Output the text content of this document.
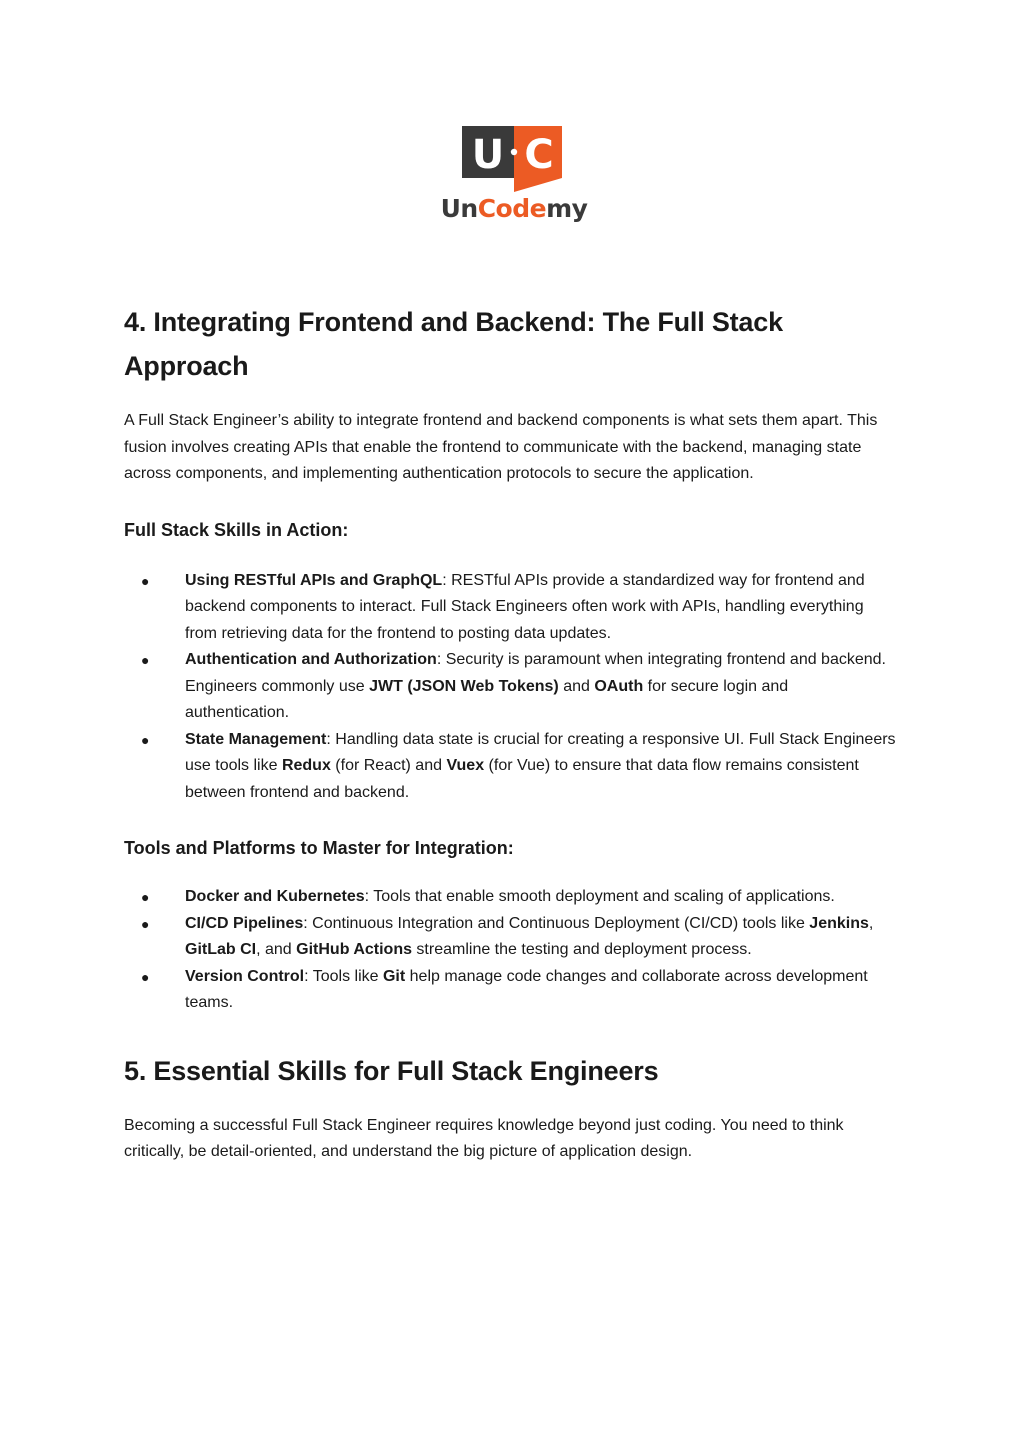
U C
UnCodemy
4. Integrating Frontend and Backend: The Full Stack Approach

A Full Stack Engineer’s ability to integrate frontend and backend components is what sets them apart. This fusion involves creating APIs that enable the frontend to communicate with the backend, managing state across components, and implementing authentication protocols to secure the application.

Full Stack Skills in Action:
● Using RESTful APIs and GraphQL: RESTful APIs provide a standardized way for frontend and backend components to interact. Full Stack Engineers often work with APIs, handling everything from retrieving data for the frontend to posting data updates.
● Authentication and Authorization: Security is paramount when integrating frontend and backend. Engineers commonly use JWT (JSON Web Tokens) and OAuth for secure login and authentication.
● State Management: Handling data state is crucial for creating a responsive UI. Full Stack Engineers use tools like Redux (for React) and Vuex (for Vue) to ensure that data flow remains consistent between frontend and backend.
Tools and Platforms to Master for Integration:
● Docker and Kubernetes: Tools that enable smooth deployment and scaling of applications.
● CI/CD Pipelines: Continuous Integration and Continuous Deployment (CI/CD) tools like Jenkins, GitLab CI, and GitHub Actions streamline the testing and deployment process.
● Version Control: Tools like Git help manage code changes and collaborate across development teams.
5. Essential Skills for Full Stack Engineers

Becoming a successful Full Stack Engineer requires knowledge beyond just coding. You need to think critically, be detail-oriented, and understand the big picture of application design.
